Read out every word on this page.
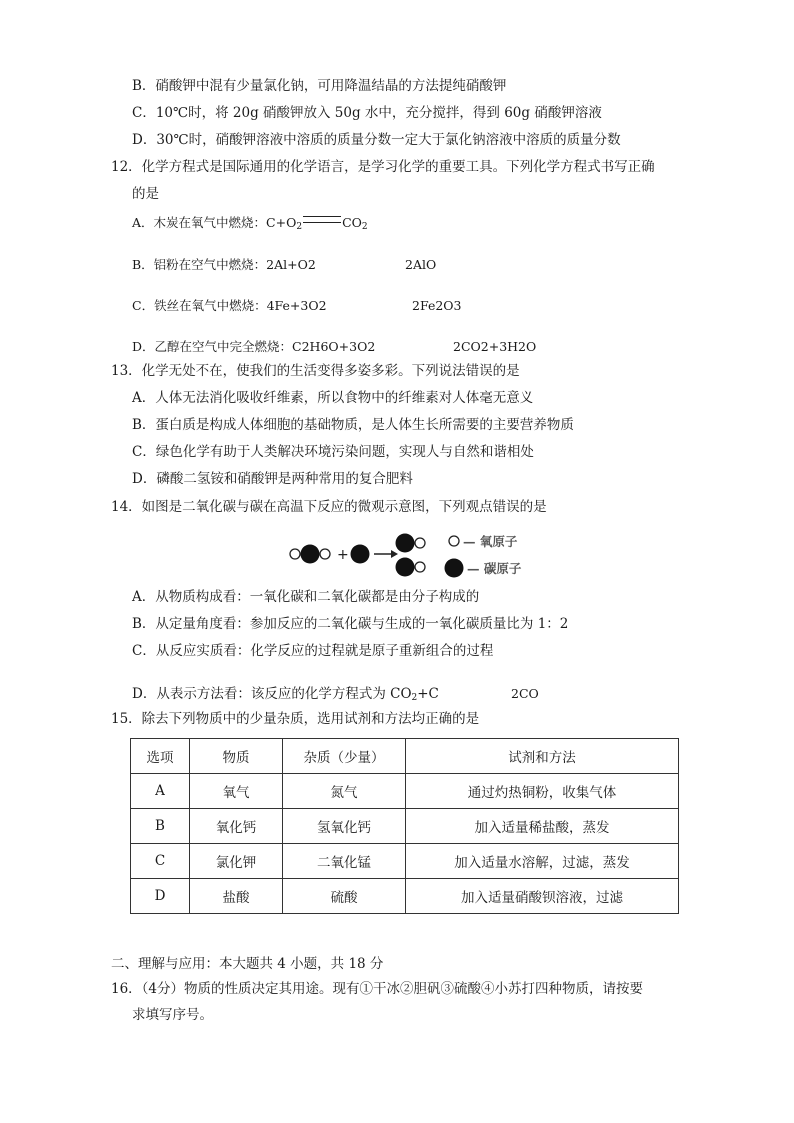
B．硝酸钾中混有少量氯化钠，可用降温结晶的方法提纯硝酸钾
C．10℃时，将 20g 硝酸钾放入 50g 水中，充分搅拌，得到 60g 硝酸钾溶液
D．30℃时，硝酸钾溶液中溶质的质量分数一定大于氯化钠溶液中溶质的质量分数
12．化学方程式是国际通用的化学语言，是学习化学的重要工具。下列化学方程式书写正确
的是
A．木炭在氧气中燃烧：$C+O_2$	$CO_2$
B．铝粉在空气中燃烧：2Al+O2	2AlO
C．铁丝在氧气中燃烧：4Fe+3O2	2Fe2O3
D．乙醇在空气中完全燃烧：C2H6O+3O2	2CO2+3H2O
13．化学无处不在，使我们的生活变得多姿多彩。下列说法错误的是
A．人体无法消化吸收纤维素，所以食物中的纤维素对人体毫无意义
B．蛋白质是构成人体细胞的基础物质，是人体生长所需要的主要营养物质
C．绿色化学有助于人类解决环境污染问题，实现人与自然和谐相处
D．磷酸二氢铵和硝酸钾是两种常用的复合肥料
14．如图是二氧化碳与碳在高温下反应的微观示意图，下列观点错误的是
+
— 氧原子
— 碳原子
A．从物质构成看：一氧化碳和二氧化碳都是由分子构成的
B．从定量角度看：参加反应的二氧化碳与生成的一氧化碳质量比为 1：2
C．从反应实质看：化学反应的过程就是原子重新组合的过程
D．从表示方法看：该反应的化学方程式为 $CO_2+C$	2CO
15．除去下列物质中的少量杂质，选用试剂和方法均正确的是
选项	物质	杂质（少量）	试剂和方法
A	氧气	氮气	通过灼热铜粉，收集气体
B	氧化钙	氢氧化钙	加入适量稀盐酸，蒸发
C	氯化钾	二氧化锰	加入适量水溶解，过滤，蒸发
D	盐酸	硫酸	加入适量硝酸钡溶液，过滤
二、理解与应用：本大题共 4 小题，共 18 分
16．（4分）物质的性质决定其用途。现有①干冰②胆矾③硫酸④小苏打四种物质，请按要
求填写序号。
